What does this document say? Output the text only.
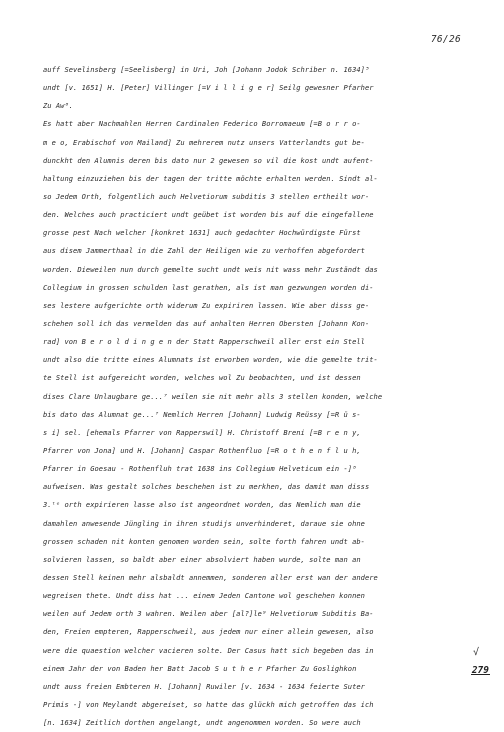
76/26
auff Sevelinsberg [=Seelisberg] in Uri, Joh [Johann Jodok Schriber n. 1634]⁵
undt [v. 1651] H. [Peter] Villinger [=V i l l i g e r] Seilg gewesner Pfarher
Zu Aw⁶.
Es hatt aber Nachmahlen Herren Cardinalen Federico Borromaeum [=B o r r o-
m e o, Erabischof von Mailand] Zu mehrerem nutz unsers Vatterlandts gut be-
dunckht den Alumnis deren bis dato nur 2 gewesen so vil die kost undt aufent-
haltung einzuziehen bis der tagen der tritte möchte erhalten werden. Sindt al-
so Jedem Orth, folgentlich auch Helvetiorum subditis 3 stellen ertheilt wor-
den. Welches auch practiciert undt geübet ist worden bis auf die eingefallene
grosse pest Nach welcher [konkret 1631] auch gedachter Hochwürdigste Fürst
aus disem Jammerthaal in die Zahl der Heiligen wie zu verhoffen abgefordert
worden. Dieweilen nun durch gemelte sucht undt weis nit wass mehr Zuständt das
Collegium in grossen schulden last gerathen, als ist man gezwungen worden di-
ses lestere aufgerichte orth widerum Zu expiriren lassen. Wie aber disss ge-
schehen soll ich das vermelden das auf anhalten Herren Obersten [Johann Kon-
rad] von B e r o l d i n g e n der Statt Rapperschweil aller erst ein Stell
undt also die tritte eines Alumnats ist erworben worden, wie die gemelte trit-
te Stell ist aufgereicht worden, welches wol Zu beobachten, und ist dessen
dises Clare Unlaugbare ge...⁷ weilen sie nit mehr alls 3 stellen konden, welche
bis dato das Alumnat ge...⁷ Nemlich Herren [Johann] Ludwig Reüssy [=R ü s-
s i] sel. [ehemals Pfarrer von Rapperswil] H. Christoff Breni [=B r e n y,
Pfarrer von Jona] und H. [Johann] Caspar Rothenfluo [=R o t h e n f l u h,
Pfarrer in Goesau - Rothenfluh trat 1638 ins Collegium Helveticum ein -]⁸
aufweisen. Was gestalt solches beschehen ist zu merkhen, das damit man disss
3.ᵗᵉ orth expirieren lasse also ist angeordnet worden, das Nemlich man die
damahlen anwesende Jüngling in ihren studijs unverhinderet, daraue sie ohne
grossen schaden nit konten genomen worden sein, solte forth fahren undt ab-
solvieren lassen, so baldt aber einer absolviert haben wurde, solte man an
dessen Stell keinen mehr alsbaldt annemmen, sonderen aller erst wan der andere
wegreisen thete. Undt diss hat ... einem Jeden Cantone wol geschehen konnen
weilen auf Jedem orth 3 wahren. Weilen aber [al?]le⁹ Helvetiorum Subditis Ba-
den, Freien empteren, Rapperschweil, aus jedem nur einer allein gewesen, also
were die quaestion welcher vacieren solte. Der Casus hatt sich begeben das in
einem Jahr der von Baden her Batt Jacob S u t h e r Pfarher Zu Goslighkon
undt auss freien Embteren H. [Johann] Ruwiler [v. 1634 - 1634 feierte Suter
Primis -] von Meylandt abgereiset, so hatte das glückh mich getroffen das ich
[n. 1634] Zeitlich dorthen angelangt, undt angenommen worden. So were auch
√
279
